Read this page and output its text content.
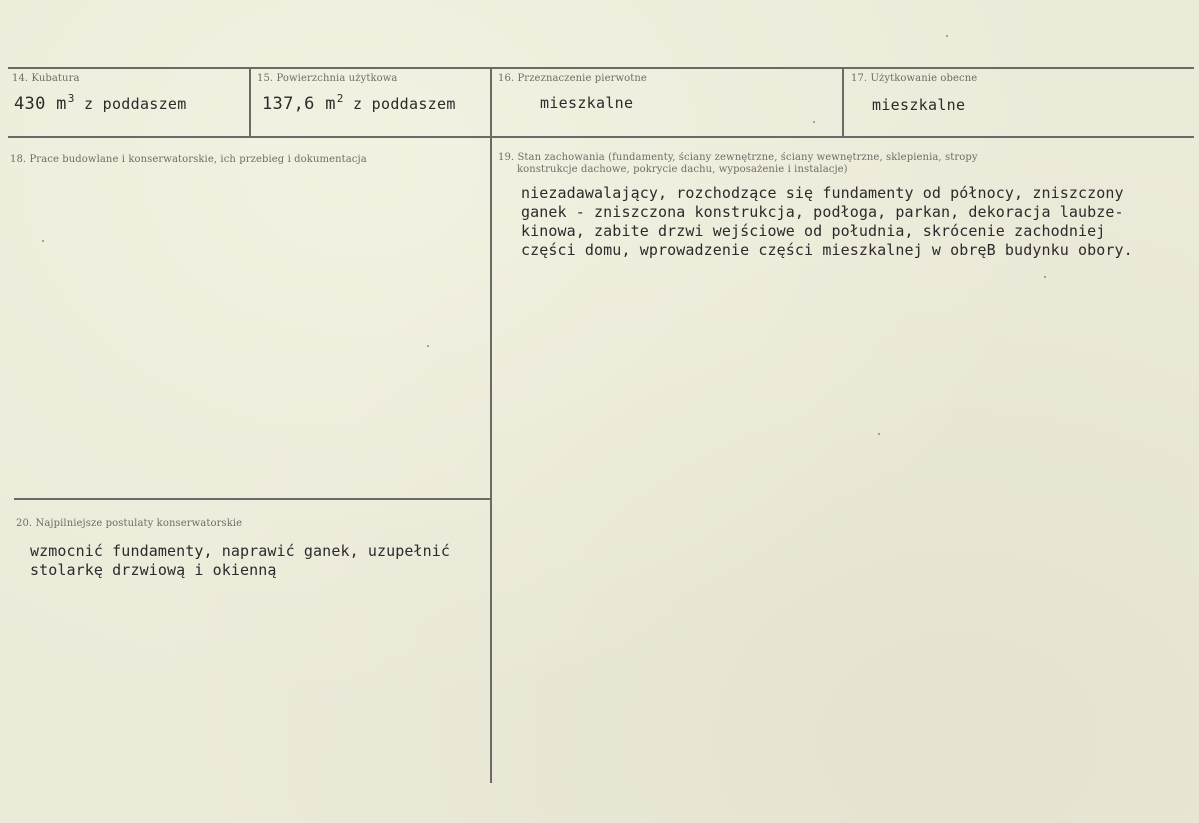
14. Kubatura
430 $m^3$ z poddaszem
15. Powierzchnia użytkowa
137,6 $m^2$ z poddaszem
16. Przeznaczenie pierwotne
mieszkalne
17. Użytkowanie obecne
mieszkalne
18. Prace budowlane i konserwatorskie, ich przebieg i dokumentacja	19. Stan zachowania (fundamenty, ściany zewnętrzne, ściany wewnętrzne, sklepienia, stropy
konstrukcje dachowe, pokrycie dachu, wyposażenie i instalacje)
niezadawalający, rozchodzące się fundamenty od północy, zniszczony
ganek - zniszczona konstrukcja, podłoga, parkan, dekoracja laubze-
kinowa, zabite drzwi wejściowe od południa, skrócenie zachodniej
części domu, wprowadzenie części mieszkalnej w obręB budynku obory.
20. Najpilniejsze postulaty konserwatorskie
wzmocnić fundamenty, naprawić ganek, uzupełnić
stolarkę drzwiową i okienną
